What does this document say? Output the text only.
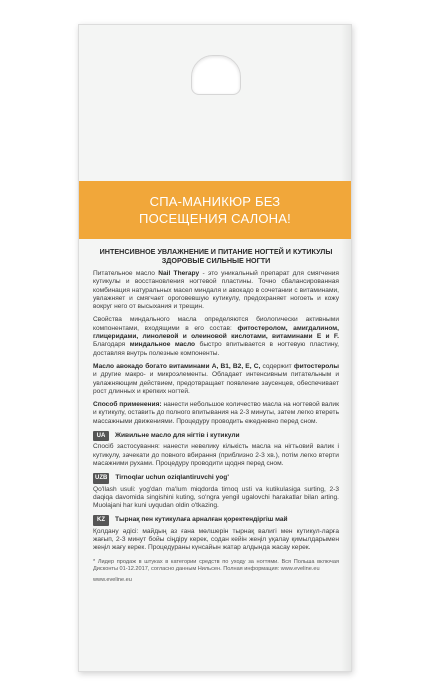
СПА-МАНИКЮР БЕЗ ПОСЕЩЕНИЯ САЛОНА!
ИНТЕНСИВНОЕ УВЛАЖНЕНИЕ И ПИТАНИЕ НОГТЕЙ И КУТИКУЛЫ
ЗДОРОВЫЕ СИЛЬНЫЕ НОГТИ

Питательное масло Nail Therapy - это уникальный препарат для смягчения кутикулы и восстановления ногтевой пластины. Точно сбалансированная комбинация натуральных масел миндаля и авокадо в сочетании с витаминами, увлажняет и смягчает ороговевшую кутикулу, предохраняет ногоеть и кожу вокруг него от высыхания и трещин.

Свойства миндального масла определяются биологически активными компонентами, входящими в его состав: фитостеролом, амигдалином, глицеридами, линолевой и олеиновой кислотами, витаминами E и F. Благодаря миндальное масло быстро впитывается в ногтевую пластину, доставляя внутрь полезные компоненты.

Масло авокадо богато витаминами A, B1, B2, E, C, содержит фитостеролы и другие макро- и микроэлементы. Обладает интенсивным питательным и увлажняющим действием, предотвращает появление заусенцев, обеспечивает рост длинных и крепких ногтей.

Способ применения: нанести небольшое количество масла на ногтевой валик и кутикулу, оставить до полного впитывания на 2-3 минуты, затем легко втереть массажными движениями. Процедуру проводить ежедневно перед сном.

UA	Живильне масло для нігтів і кутикули

Спосіб застосування: нанести невелику кількість масла на нігтьовий валик і кутикулу, зачекати до повного вбирання (приблизно 2-3 хв.), потім легко втерти масажними рухами. Процедуру проводити щодня перед сном.

UZB	Tirnoqlar uchun oziqlantiruvchi yog'

Qo'llash usuli: yog'dan ma'lum miqdorda tirnoq usti va kutikulasiga surting, 2-3 daqiqa davomida singishini kuting, so'ngra yengil ugalovchi harakatlar bilan arting. Muolajani har kuni uyqudan oldin o'tkazing.

KZ	Тырнақ пен кутикулаға арналған қоректендіргіш май

Қолдану әдісі: майдың аз ғана мөлшерін тырнақ валигі мен кутикул-ларға жағып, 2-3 минут бойы сіңдіру керек, содан кейін жеңіл уқалау қимылдарымен жеңіл жағу керек. Процедураны күнсайын жатар алдында жасау керек.

* Лидер продаж в штуках в категории средств по уходу за ногтями. Вся Польша включая Дисконты 01-12.2017, согласно данным Нильсен. Полная информация: www.eveline.eu

www.eveline.eu
